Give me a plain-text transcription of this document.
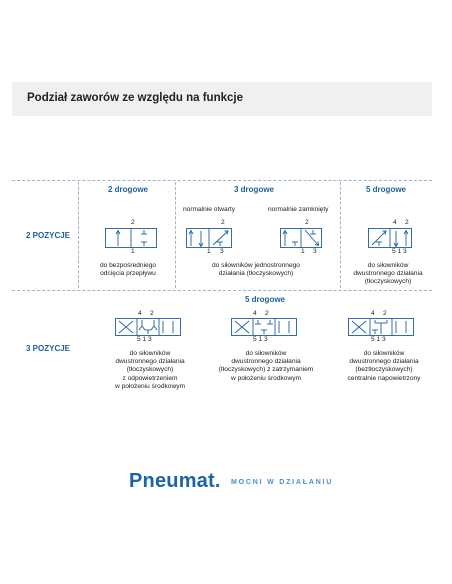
Podział zaworów ze względu na funkcje
2 drogowe	3 drogowe	5 drogowe
5 drogowe
2 POZYCJE
3 POZYCJE
normalnie otwarty	normalnie zamknięty
2
1
2
1 3
2
1 3
4 2
5 1 3
do bezpośredniego
odcięcia przepływu
do siłowników jednostronnego
działania (tłoczyskowych)
do siłowników
dwustronnego działania
(tłoczyskowych)
4 2
5 1 3
4 2
5 1 3
4 2
5 1 3
do siłowników
dwustronnego działania
(tłoczyskowych)
z odpowietrzeniem
w położeniu środkowym
do siłowników
dwustronnego działania
(tłoczyskowych) z zatrzymaniem
w położeniu środkowym
do siłowników
dwustronnego działania
(beztłoczyskowych)
centralnie napowietrzony
Pneumat. MOCNI W DZIAŁANIU
